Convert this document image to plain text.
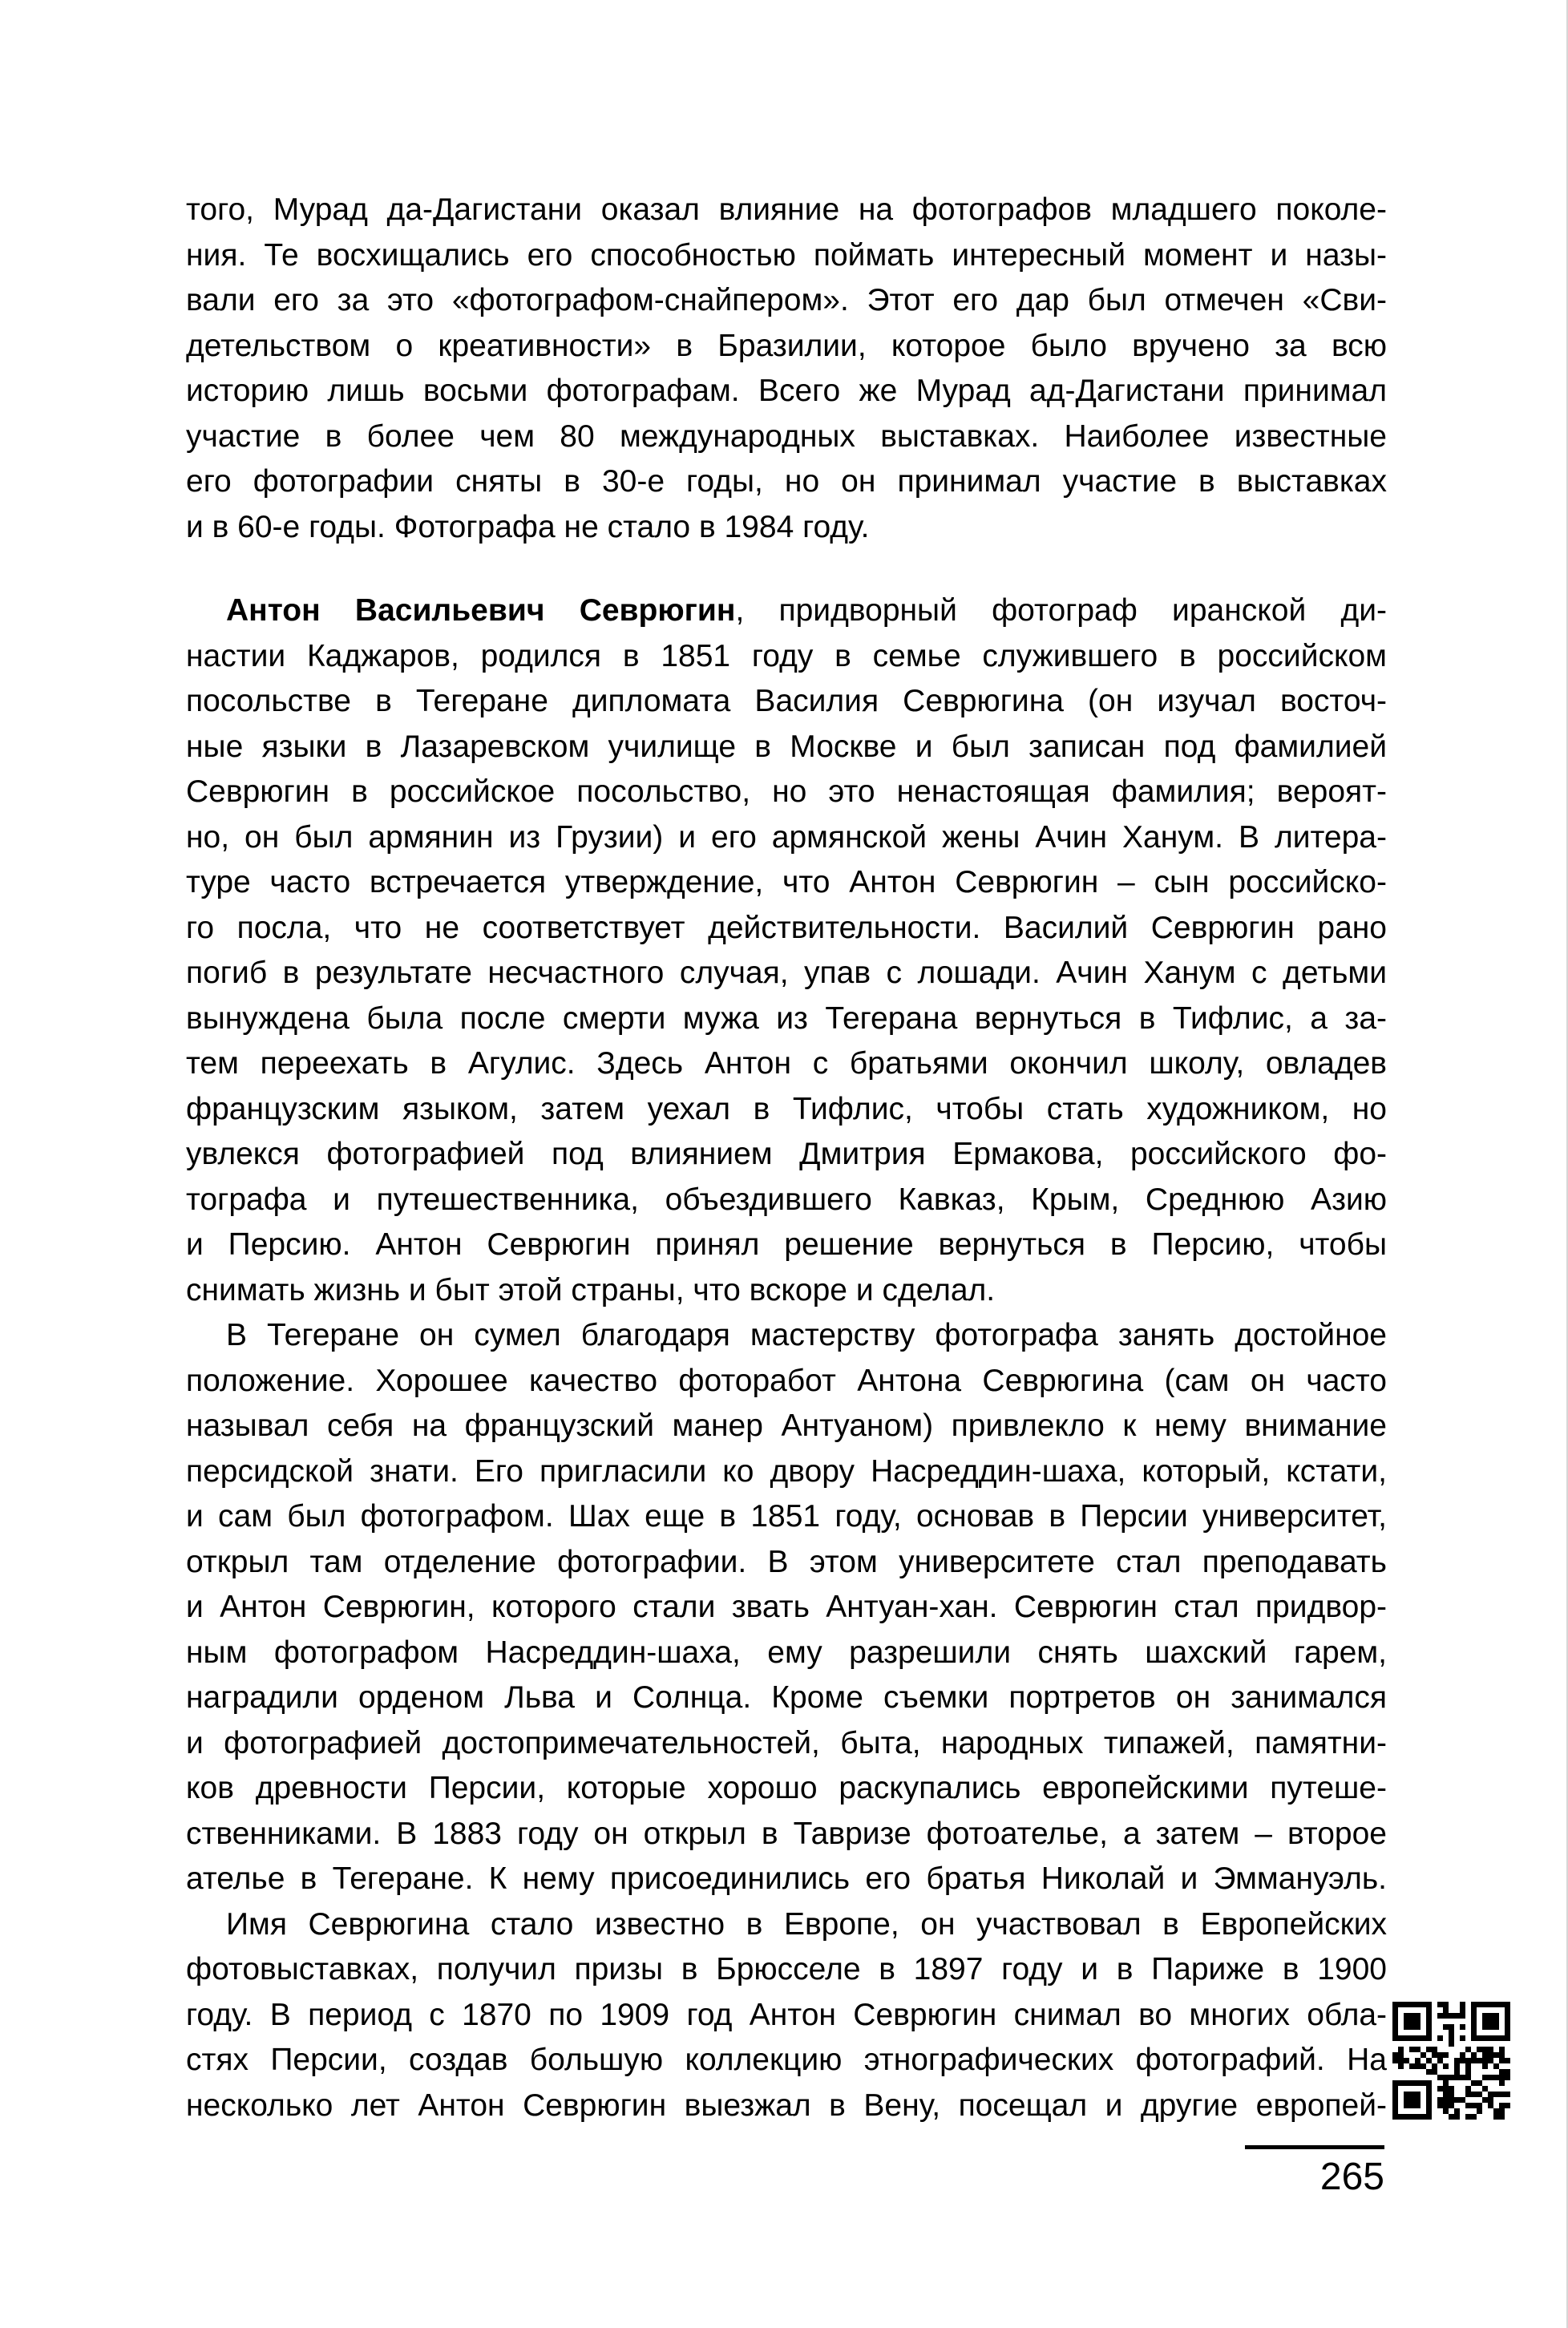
того, Мурад да-Дагистани оказал влияние на фотографов младшего поколе-
ния. Те восхищались его способностью поймать интересный момент и назы-
вали его за это «фотографом-снайпером». Этот его дар был отмечен «Сви-
детельством о креативности» в Бразилии, которое было вручено за всю
историю лишь восьми фотографам. Всего же Мурад ад-Дагистани принимал
участие в более чем 80 международных выставках. Наиболее известные
его фотографии сняты в 30-е годы, но он принимал участие в выставках
и в 60-е годы. Фотографа не стало в 1984 году.
Антон Васильевич Севрюгин, придворный фотограф иранской ди-
настии Каджаров, родился в 1851 году в семье служившего в российском
посольстве в Тегеране дипломата Василия Севрюгина (он изучал восточ-
ные языки в Лазаревском училище в Москве и был записан под фамилией
Севрюгин в российское посольство, но это ненастоящая фамилия; вероят-
но, он был армянин из Грузии) и его армянской жены Ачин Ханум. В литера-
туре часто встречается утверждение, что Антон Севрюгин – сын российско-
го посла, что не соответствует действительности. Василий Севрюгин рано
погиб в результате несчастного случая, упав с лошади. Ачин Ханум с детьми
вынуждена была после смерти мужа из Тегерана вернуться в Тифлис, а за-
тем переехать в Агулис. Здесь Антон с братьями окончил школу, овладев
французским языком, затем уехал в Тифлис, чтобы стать художником, но
увлекся фотографией под влиянием Дмитрия Ермакова, российского фо-
тографа и путешественника, объездившего Кавказ, Крым, Среднюю Азию
и Персию. Антон Севрюгин принял решение вернуться в Персию, чтобы
снимать жизнь и быт этой страны, что вскоре и сделал.
В Тегеране он сумел благодаря мастерству фотографа занять достойное
положение. Хорошее качество фоторабот Антона Севрюгина (сам он часто
называл себя на французский манер Антуаном) привлекло к нему внимание
персидской знати. Его пригласили ко двору Насреддин-шаха, который, кстати,
и сам был фотографом. Шах еще в 1851 году, основав в Персии университет,
открыл там отделение фотографии. В этом университете стал преподавать
и Антон Севрюгин, которого стали звать Антуан-хан. Севрюгин стал придвор-
ным фотографом Насреддин-шаха, ему разрешили снять шахский гарем,
наградили орденом Льва и Солнца. Кроме съемки портретов он занимался
и фотографией достопримечательностей, быта, народных типажей, памятни-
ков древности Персии, которые хорошо раскупались европейскими путеше-
ственниками. В 1883 году он открыл в Тавризе фотоателье, а затем – второе
ателье в Тегеране. К нему присоединились его братья Николай и Эммануэль.
Имя Севрюгина стало известно в Европе, он участвовал в Европейских
фотовыставках, получил призы в Брюсселе в 1897 году и в Париже в 1900
году. В период с 1870 по 1909 год Антон Севрюгин снимал во многих обла-
стях Персии, создав большую коллекцию этнографических фотографий. На
несколько лет Антон Севрюгин выезжал в Вену, посещал и другие европей-
265
